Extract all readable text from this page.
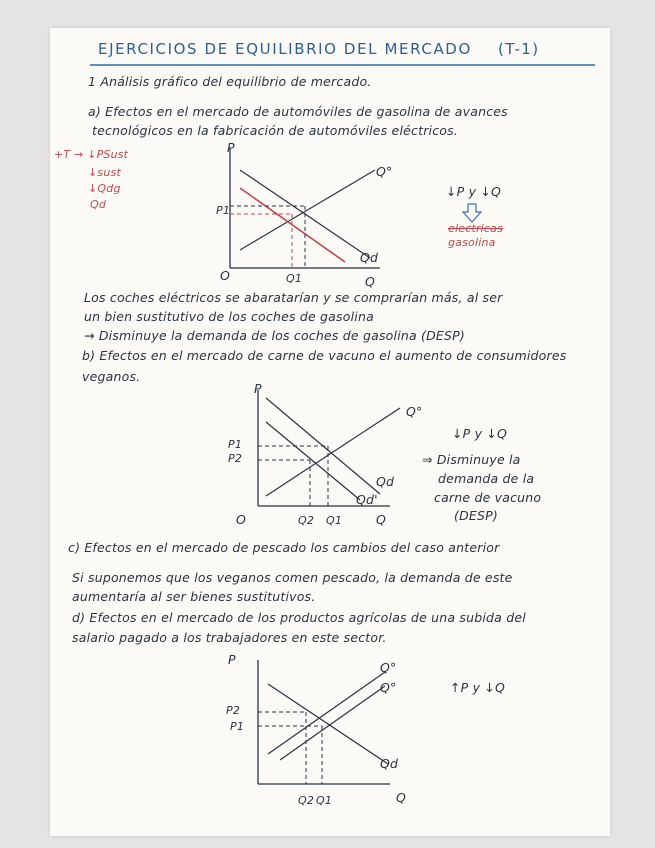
EJERCICIOS DE EQUILIBRIO DEL MERCADO (T-1)
1 Análisis gráfico del equilibrio de mercado.
a) Efectos en el mercado de automóviles de gasolina de avances
tecnológicos en la fabricación de automóviles eléctricos.
+T → ↓PSust
↓sust
↓Qdg
Qd
P
Q
O
Q°
Qd
P1
Q1
↓P y ↓Q
electricas
gasolina
Los coches eléctricos se abaratarían y se comprarían más, al ser
un bien sustitutivo de los coches de gasolina
→ Disminuye la demanda de los coches de gasolina (DESP)
b) Efectos en el mercado de carne de vacuno el aumento de consumidores
veganos.
P
Q
O
Q°
Qd
Qd'
P1
P2
Q2 Q1
↓P y ↓Q
⇒ Disminuye la
demanda de la
carne de vacuno
(DESP)
c) Efectos en el mercado de pescado los cambios del caso anterior
Si suponemos que los veganos comen pescado, la demanda de este
aumentaría al ser bienes sustitutivos.
d) Efectos en el mercado de los productos agrícolas de una subida del
salario pagado a los trabajadores en este sector.
P
Q
Q°
Q°
Qd
P2
P1
Q2 Q1
↑P y ↓Q
